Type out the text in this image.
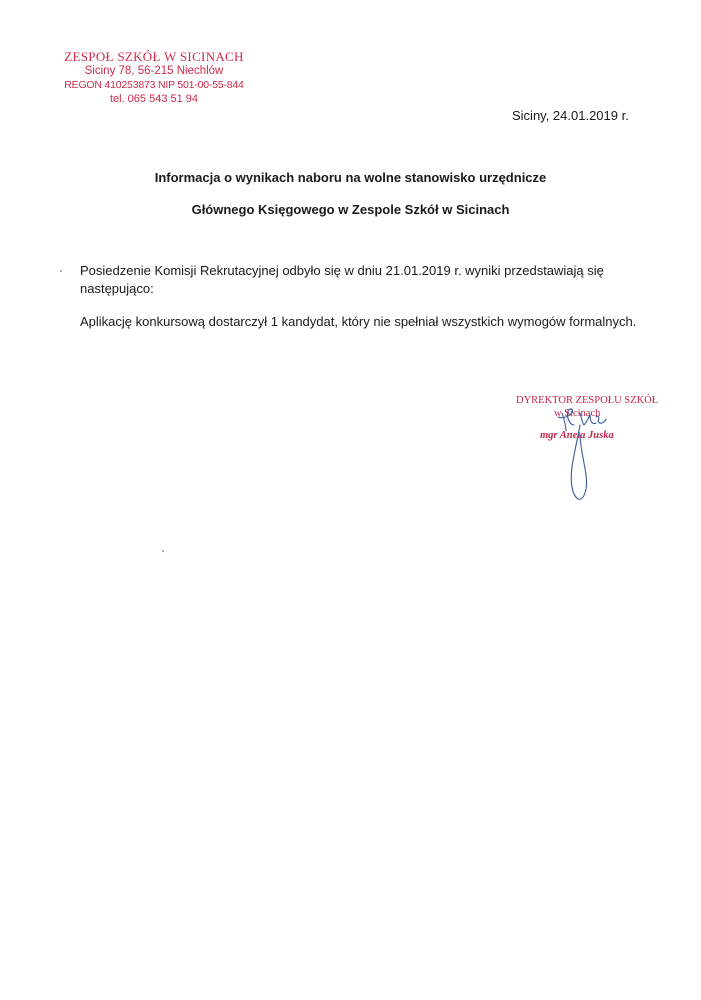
ZESPOŁ SZKÓŁ W SICINACH
Siciny 78, 56-215 Niechlów
REGON 410253873 NIP 501-00-55-844
tel. 065 543 51 94
Siciny, 24.01.2019 r.
Informacja o wynikach naboru na wolne stanowisko urzędnicze
Głównego Księgowego w Zespole Szkół w Sicinach
Posiedzenie Komisji Rekrutacyjnej odbyło się w dniu 21.01.2019 r. wyniki przedstawiają się następująco:
Aplikację konkursową dostarczył 1 kandydat, który nie spełniał wszystkich wymogów formalnych.
DYREKTOR ZESPOŁU SZKÓŁ
w Sicinach
mgr Aneta Juska
